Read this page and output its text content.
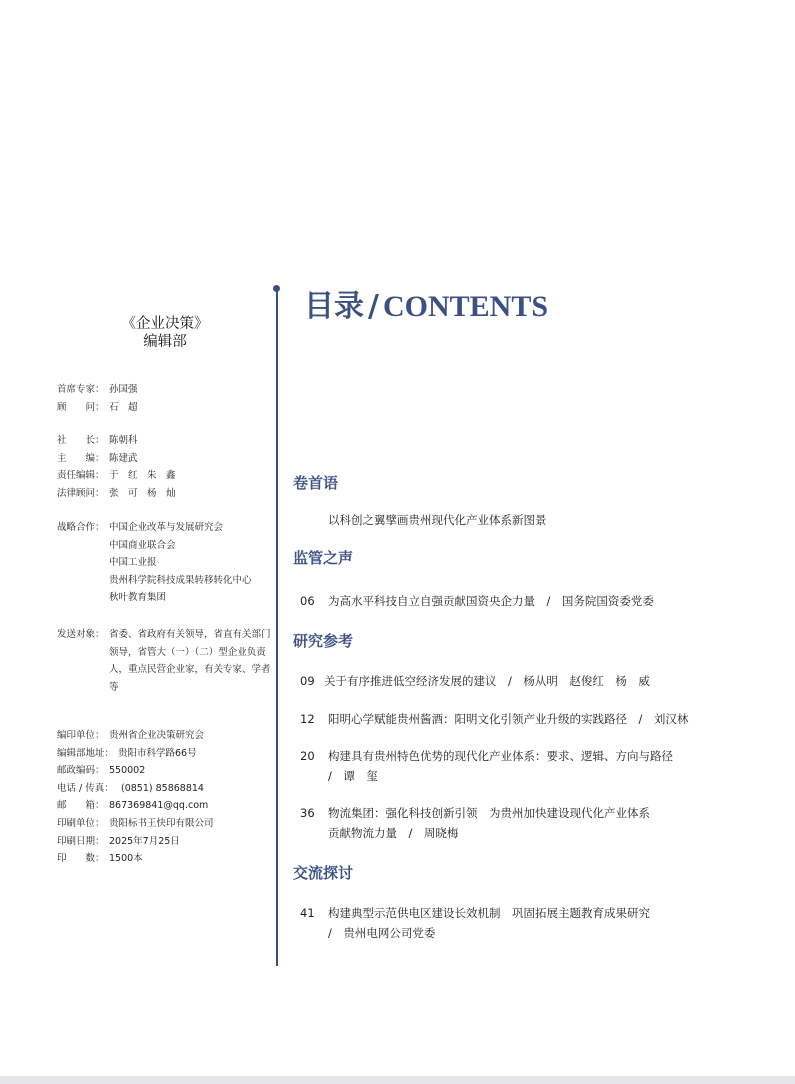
《企业决策》
编辑部
首席专家： 孙国强
顾　　问： 石　超
社　　长： 陈朝科
主　　编： 陈建武
责任编辑： 于　红　朱　鑫
法律顾问： 张　可　杨　灿
战略合作： 中国企业改革与发展研究会
中国商业联合会
中国工业报
贵州科学院科技成果转移转化中心
秋叶教育集团
发送对象： 省委、省政府有关领导，省直有关部门领导，省管大（一）（二）型企业负责人，重点民营企业家，有关专家、学者等
编印单位： 贵州省企业决策研究会
编辑部地址： 贵阳市科学路66号
邮政编码： 550002
电话 / 传真： (0851) 85868814
邮　　箱： 867369841@qq.com
印刷单位： 贵阳标书王快印有限公司
印刷日期： 2025年7月25日
印　　数： 1500本
目录 / CONTENTS
卷首语
以科创之翼擘画贵州现代化产业体系新图景
监管之声
06 为高水平科技自立自强贡献国资央企力量　/　国务院国资委党委
研究参考
09 关于有序推进低空经济发展的建议　/　杨从明　赵俊红　杨　威
12 阳明心学赋能贵州酱酒：阳明文化引领产业升级的实践路径　/　刘汉林
20 构建具有贵州特色优势的现代化产业体系：要求、逻辑、方向与路径
/　谭　玺
36 物流集团：强化科技创新引领　为贵州加快建设现代化产业体系
贡献物流力量　/　周晓梅
交流探讨
41 构建典型示范供电区建设长效机制　巩固拓展主题教育成果研究
/　贵州电网公司党委
